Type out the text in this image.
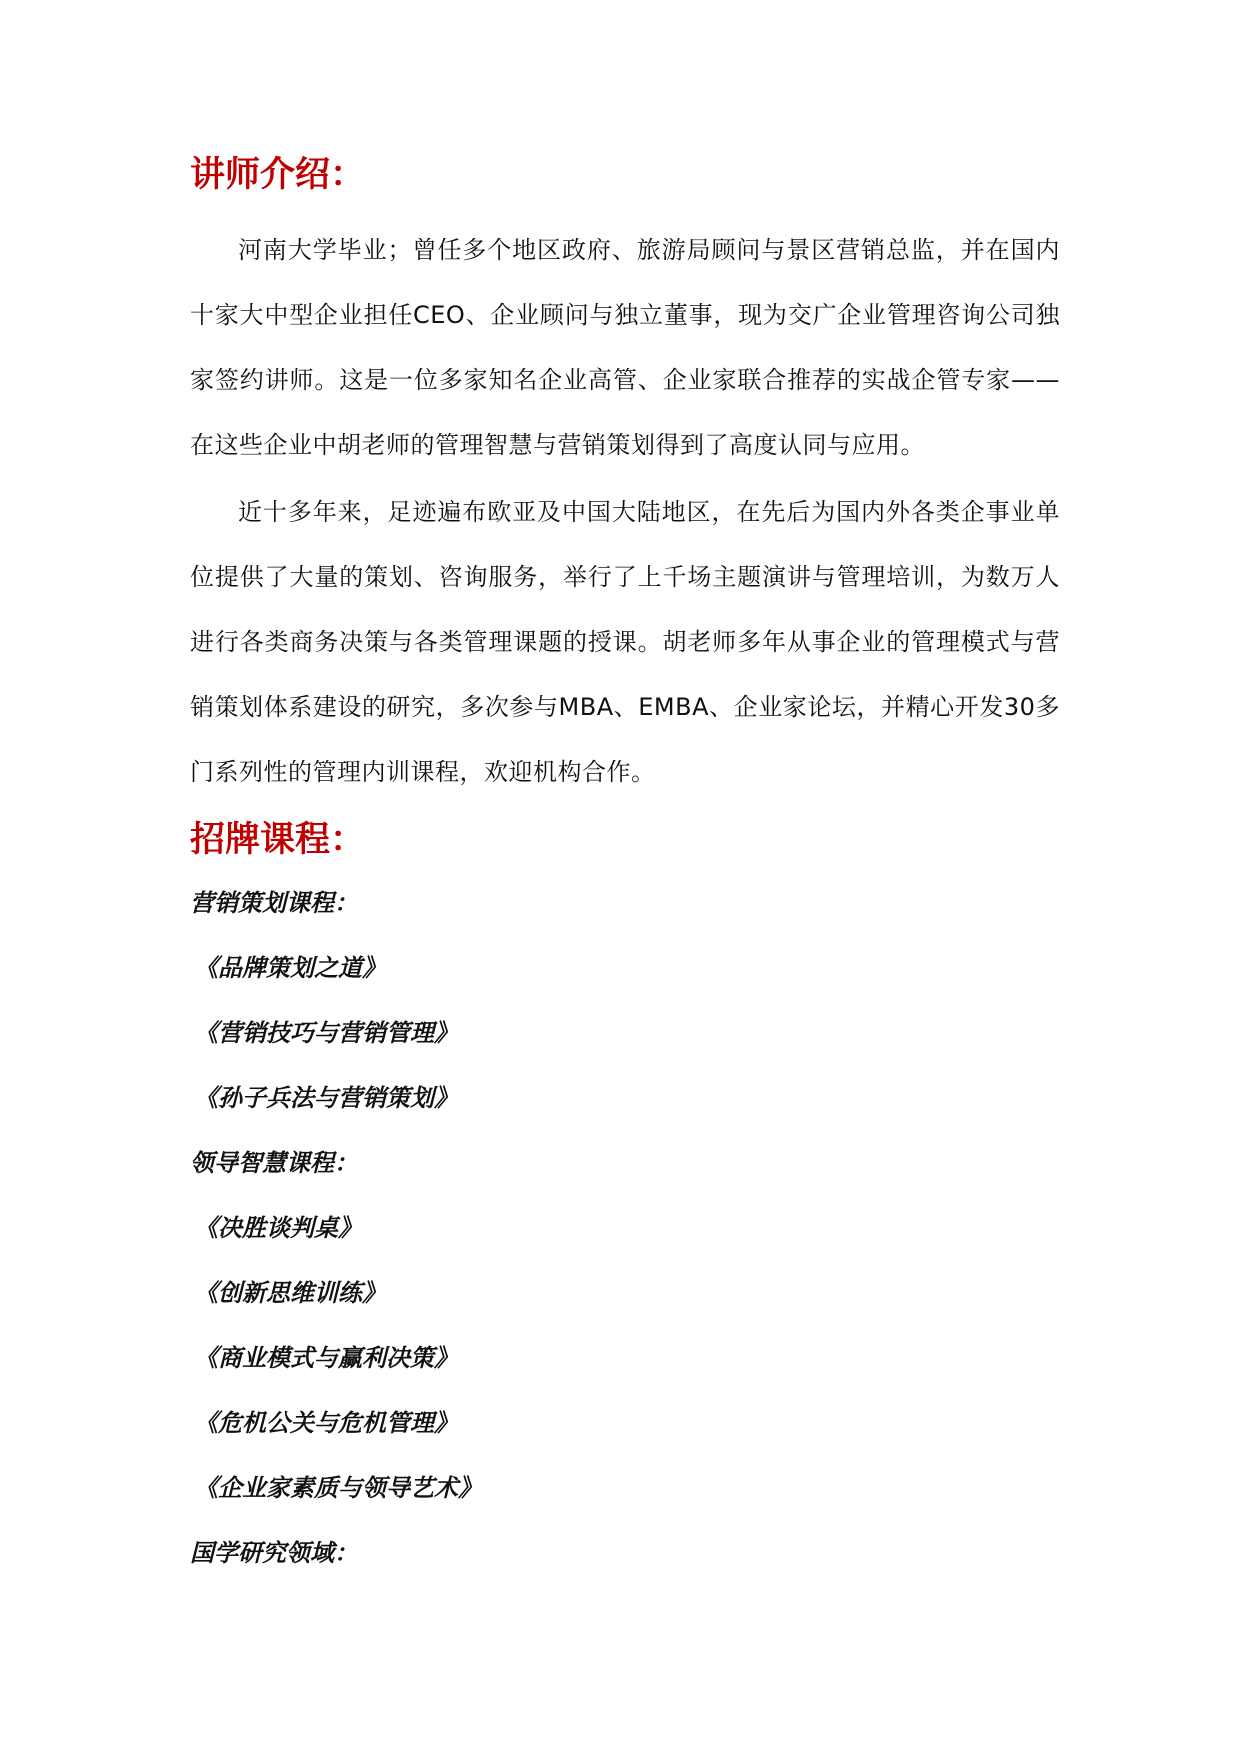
讲师介绍：

河南大学毕业；曾任多个地区政府、旅游局顾问与景区营销总监，并在国内十家大中型企业担任CEO、企业顾问与独立董事，现为交广企业管理咨询公司独家签约讲师。这是一位多家知名企业高管、企业家联合推荐的实战企管专家——在这些企业中胡老师的管理智慧与营销策划得到了高度认同与应用。

近十多年来，足迹遍布欧亚及中国大陆地区，在先后为国内外各类企事业单位提供了大量的策划、咨询服务，举行了上千场主题演讲与管理培训，为数万人进行各类商务决策与各类管理课题的授课。胡老师多年从事企业的管理模式与营销策划体系建设的研究，多次参与MBA、EMBA、企业家论坛，并精心开发30多门系列性的管理内训课程，欢迎机构合作。

招牌课程：
营销策划课程：
《品牌策划之道》
《营销技巧与营销管理》
《孙子兵法与营销策划》
领导智慧课程：
《决胜谈判桌》
《创新思维训练》
《商业模式与赢利决策》
《危机公关与危机管理》
《企业家素质与领导艺术》
国学研究领域：
